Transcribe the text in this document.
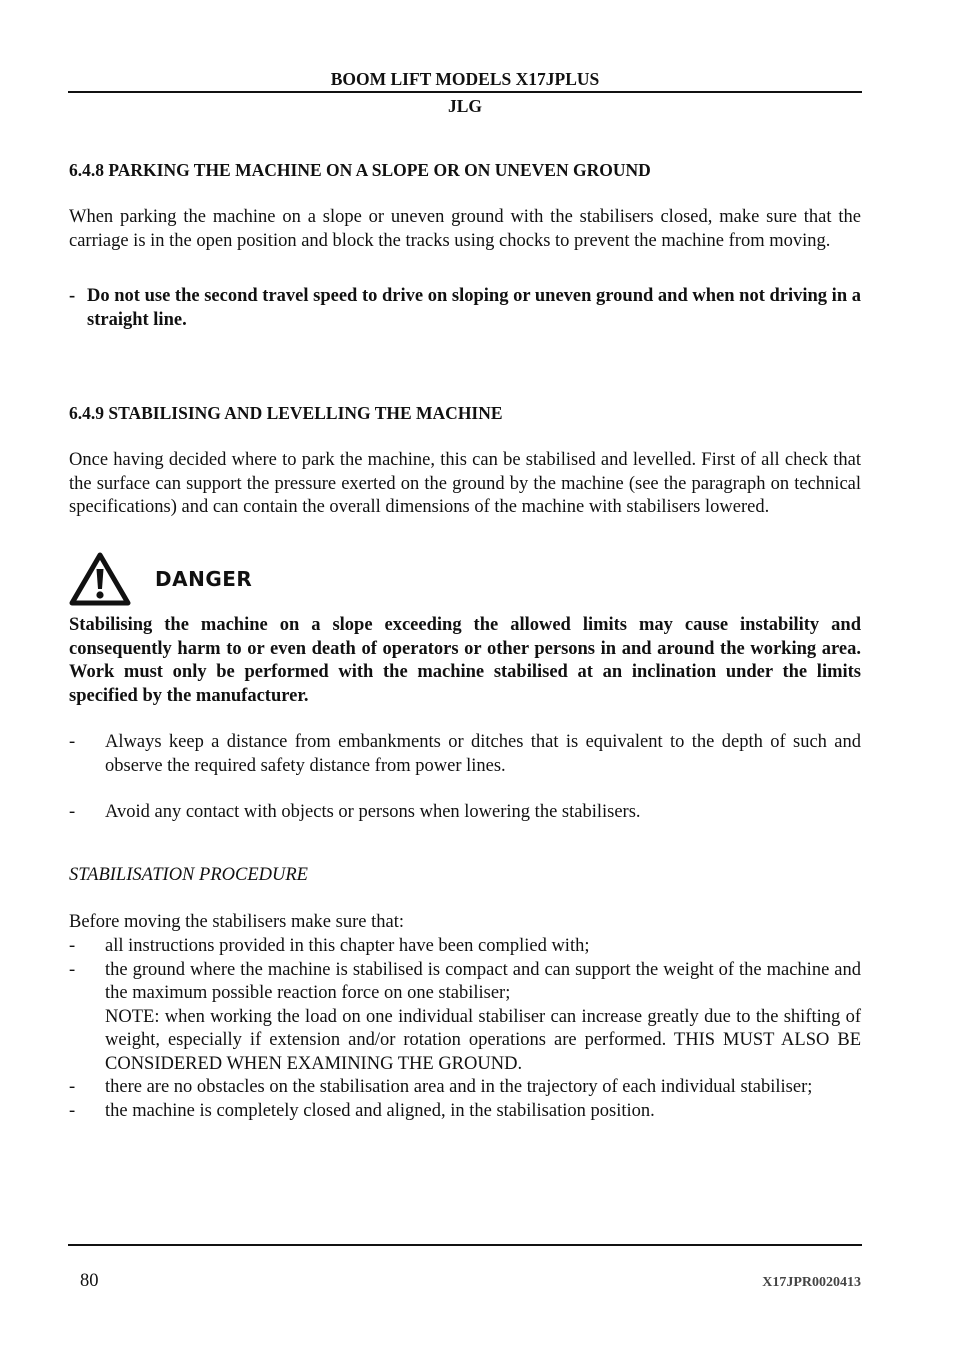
BOOM LIFT MODELS X17JPLUS
JLG
6.4.8 PARKING THE MACHINE ON A SLOPE OR ON UNEVEN GROUND
When parking the machine on a slope or uneven ground with the stabilisers closed, make sure that the carriage is in the open position and block the tracks using chocks to prevent the machine from moving.
- Do not use the second travel speed to drive on sloping or uneven ground and when not driving in a straight line.
6.4.9 STABILISING AND LEVELLING THE MACHINE
Once having decided where to park the machine, this can be stabilised and levelled. First of all check that the surface can support the pressure exerted on the ground by the machine (see the paragraph on technical specifications) and can contain the overall dimensions of the machine with stabilisers lowered.
DANGER
Stabilising the machine on a slope exceeding the allowed limits may cause instability and consequently harm to or even death of operators or other persons in and around the working area. Work must only be performed with the machine stabilised at an inclination under the limits specified by the manufacturer.
-	Always keep a distance from embankments or ditches that is equivalent to the depth of such and observe the required safety distance from power lines.
-	Avoid any contact with objects or persons when lowering the stabilisers.
STABILISATION PROCEDURE
Before moving the stabilisers make sure that:
-	all instructions provided in this chapter have been complied with;
-	the ground where the machine is stabilised is compact and can support the weight of the machine and the maximum possible reaction force on one stabiliser;
NOTE: when working the load on one individual stabiliser can increase greatly due to the shifting of weight, especially if extension and/or rotation operations are performed. THIS MUST ALSO BE CONSIDERED WHEN EXAMINING THE GROUND.
-	there are no obstacles on the stabilisation area and in the trajectory of each individual stabiliser;
-	the machine is completely closed and aligned, in the stabilisation position.
80	X17JPR0020413
